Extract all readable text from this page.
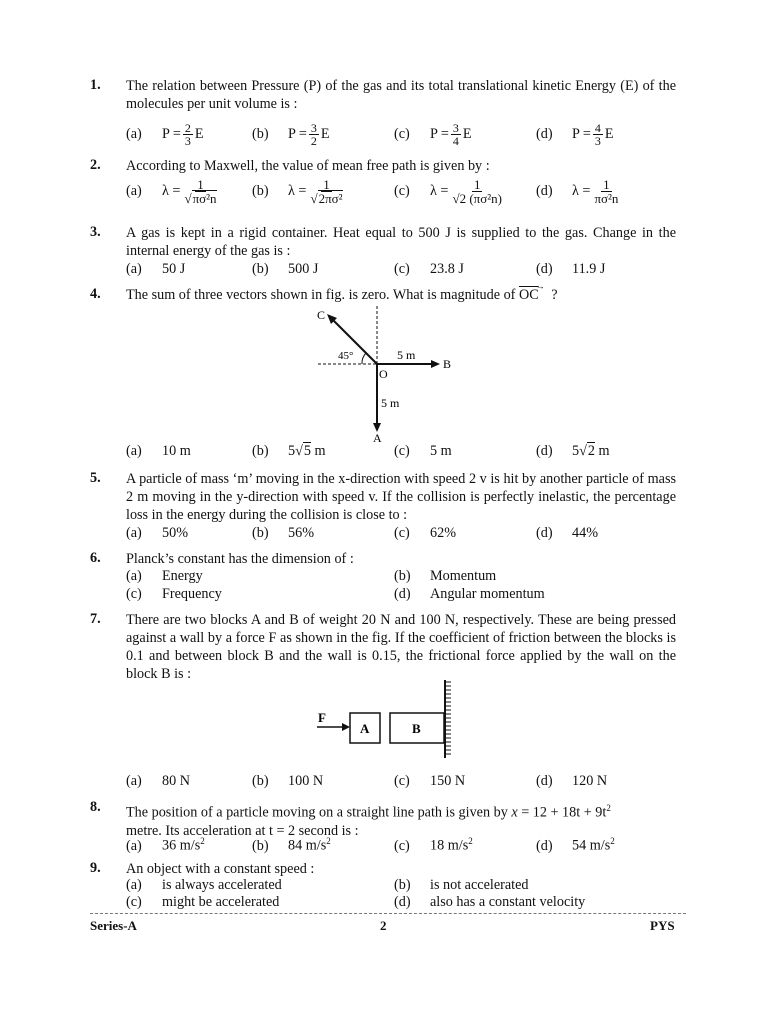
1. The relation between Pressure (P) of the gas and its total translational kinetic Energy (E) of the molecules per unit volume is :
(a) $P = \frac{2}{3}$ E	(b) $P = \frac{3}{2}$ E	(c) $P = \frac{3}{4}$ E	(d) $P = \frac{4}{3}$ E
2. According to Maxwell, the value of mean free path is given by :
(a) $\lambda = \frac{1}{\text{√πσ²n}} (b) \lambda = \frac{1}{\text{√2πσ²}}$	(c) $\lambda = \frac{1}{\text{√2 (πσ²n)}} (d) \lambda = \frac{1}{\text{πσ²n}}$
3. A gas is kept in a rigid container. Heat equal to 500 J is supplied to the gas. Change in the internal energy of the gas is :
(a) 50 J	(b) 500 J	(c) 23.8 J	(d) 11.9 J
4. The sum of three vectors shown in fig. is zero. What is magnitude of $\overline{OC}^\to$ ?
C
B
A
O
45°	5 m
5 m
(a) 10 m	(b) 5√5 m	(c) 5 m	(d) 5√2 m
5. A particle of mass ‘m’ moving in the x-direction with speed 2 v is hit by another particle of mass 2 m moving in the y-direction with speed v. If the collision is perfectly inelastic, the percentage loss in the energy during the collision is close to :
(a) 50%	(b) 56%	(c) 62%	(d) 44%
6. Planck’s constant has the dimension of :
(a) Energy	(b) Momentum
(c) Frequency	(d) Angular momentum
7. There are two blocks A and B of weight 20 N and 100 N, respectively. These are being pressed against a wall by a force F as shown in the fig. If the coefficient of friction between the blocks is 0.1 and between block B and the wall is 0.15, the frictional force applied by the wall on the block B is :
F
A	B
(a) 80 N	(b) 100 N	(c) 150 N	(d) 120 N
8. The position of a particle moving on a straight line path is given by $x = 12 + 18t + 9t^2$
metre. Its acceleration at t = 2 second is :
(a) 36 $m/s^2$	(b) 84 $m/s^2$	(c) 18 $m/s^2$	(d) 54 $m/s^2$
9. An object with a constant speed :
(a) is always accelerated	(b) is not accelerated
(c) might be accelerated	(d) also has a constant velocity
Series-A	2	PYS
